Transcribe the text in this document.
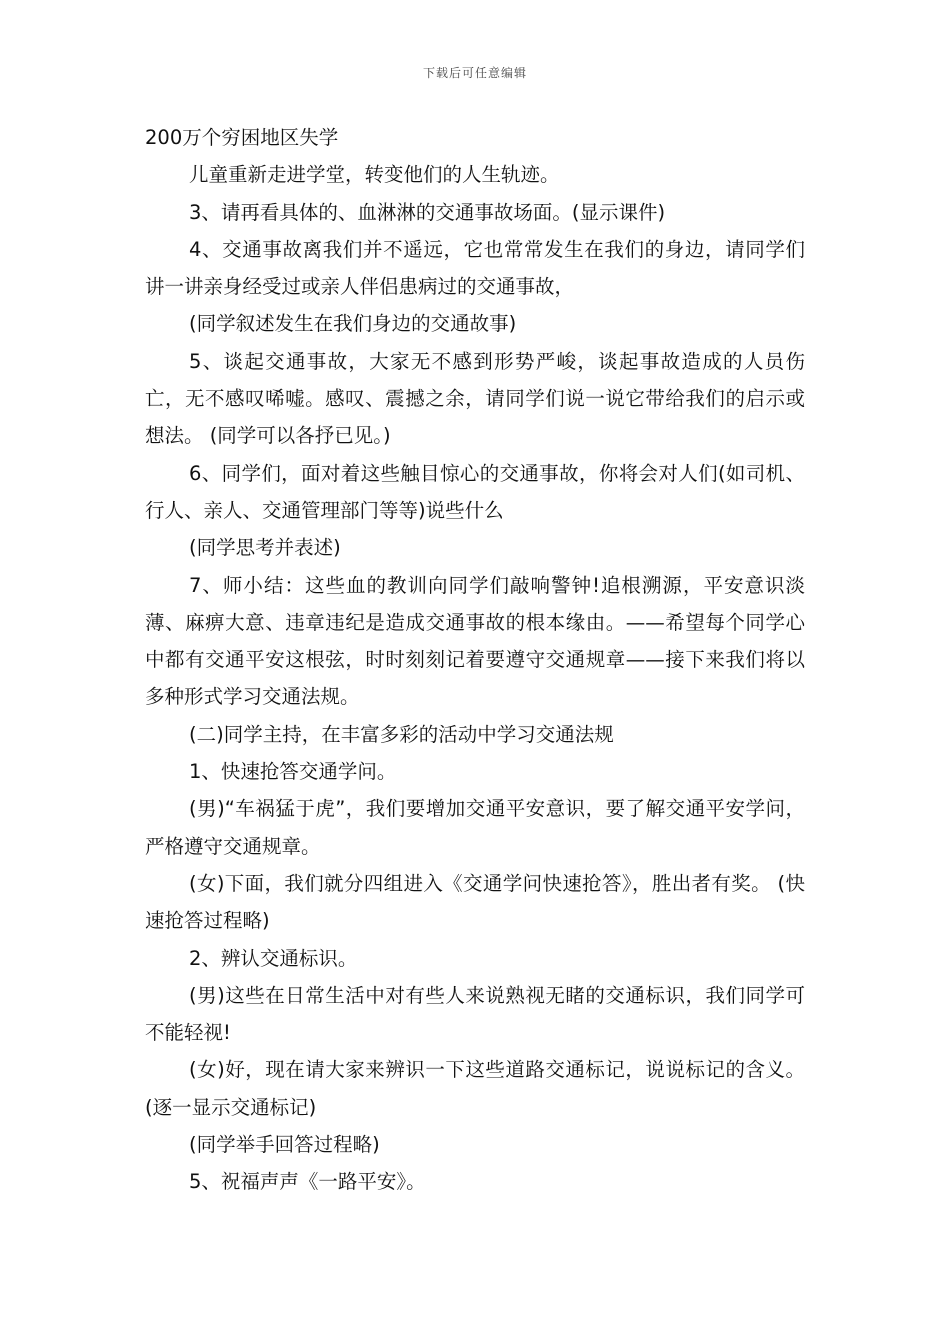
下载后可任意编辑

200万个穷困地区失学

儿童重新走进学堂，转变他们的人生轨迹。

3、请再看具体的、血淋淋的交通事故场面。(显示课件)

4、交通事故离我们并不遥远，它也常常发生在我们的身边，请同学们讲一讲亲身经受过或亲人伴侣患病过的交通事故，

(同学叙述发生在我们身边的交通故事)

5、谈起交通事故，大家无不感到形势严峻，谈起事故造成的人员伤亡，无不感叹唏嘘。感叹、震撼之余，请同学们说一说它带给我们的启示或想法。 (同学可以各抒已见。)

6、同学们，面对着这些触目惊心的交通事故，你将会对人们(如司机、行人、亲人、交通管理部门等等)说些什么

(同学思考并表述)

7、师小结：这些血的教训向同学们敲响警钟!追根溯源，平安意识淡薄、麻痹大意、违章违纪是造成交通事故的根本缘由。——希望每个同学心中都有交通平安这根弦，时时刻刻记着要遵守交通规章——接下来我们将以多种形式学习交通法规。

(二)同学主持，在丰富多彩的活动中学习交通法规

1、快速抢答交通学问。

(男)“车祸猛于虎”，我们要增加交通平安意识，要了解交通平安学问，严格遵守交通规章。

(女)下面，我们就分四组进入《交通学问快速抢答》，胜出者有奖。 (快速抢答过程略)

2、辨认交通标识。

(男)这些在日常生活中对有些人来说熟视无睹的交通标识，我们同学可不能轻视!

(女)好，现在请大家来辨识一下这些道路交通标记，说说标记的含义。(逐一显示交通标记)

(同学举手回答过程略)

5、祝福声声《一路平安》。
